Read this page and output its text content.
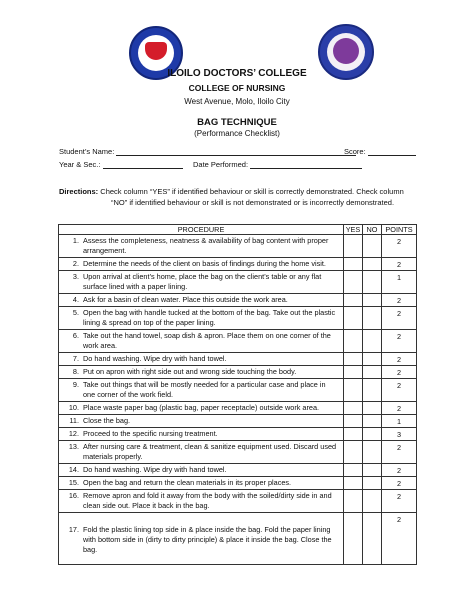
ILOILO DOCTORS’ COLLEGE
COLLEGE OF NURSING
West Avenue, Molo, Iloilo City
BAG TECHNIQUE
(Performance Checklist)
Student’s Name:	Score:
Year & Sec.:	Date Performed:
Directions: Check column “YES” if identified behaviour or skill is correctly demonstrated. Check column
“NO” if identified behaviour or skill is not demonstrated or is incorrectly demonstrated.
PROCEDURE	YES	NO	POINTS

1. Assess the completeness, neatness & availability of bag content with proper arrangement.			2

2. Determine the needs of the client on basis of findings during the home visit.			2

3. Upon arrival at client’s home, place the bag on the client’s table or any flat surface lined with a paper lining.			1

4. Ask for a basin of clean water. Place this outside the work area.			2

5. Open the bag with handle tucked at the bottom of the bag. Take out the plastic lining & spread on top of the paper lining.			2

6. Take out the hand towel, soap dish & apron. Place them on one corner of the work area.			2

7. Do hand washing. Wipe dry with hand towel.			2

8. Put on apron with right side out and wrong side touching the body.			2

9. Take out things that will be mostly needed for a particular case and place in one corner of the work field.			2

10. Place waste paper bag (plastic bag, paper receptacle) outside work area.			2

11. Close the bag.			1

12. Proceed to the specific nursing treatment.			3

13. After nursing care & treatment, clean & sanitize equipment used. Discard used materials properly.			2

14. Do hand washing. Wipe dry with hand towel.			2

15. Open the bag and return the clean materials in its proper places.			2

16. Remove apron and fold it away from the body with the soiled/dirty side in and clean side out. Place it back in the bag.			2

17. Fold the plastic lining top side in & place inside the bag. Fold the paper lining with bottom side in (dirty to dirty principle) & place it inside the bag. Close the bag.			2
